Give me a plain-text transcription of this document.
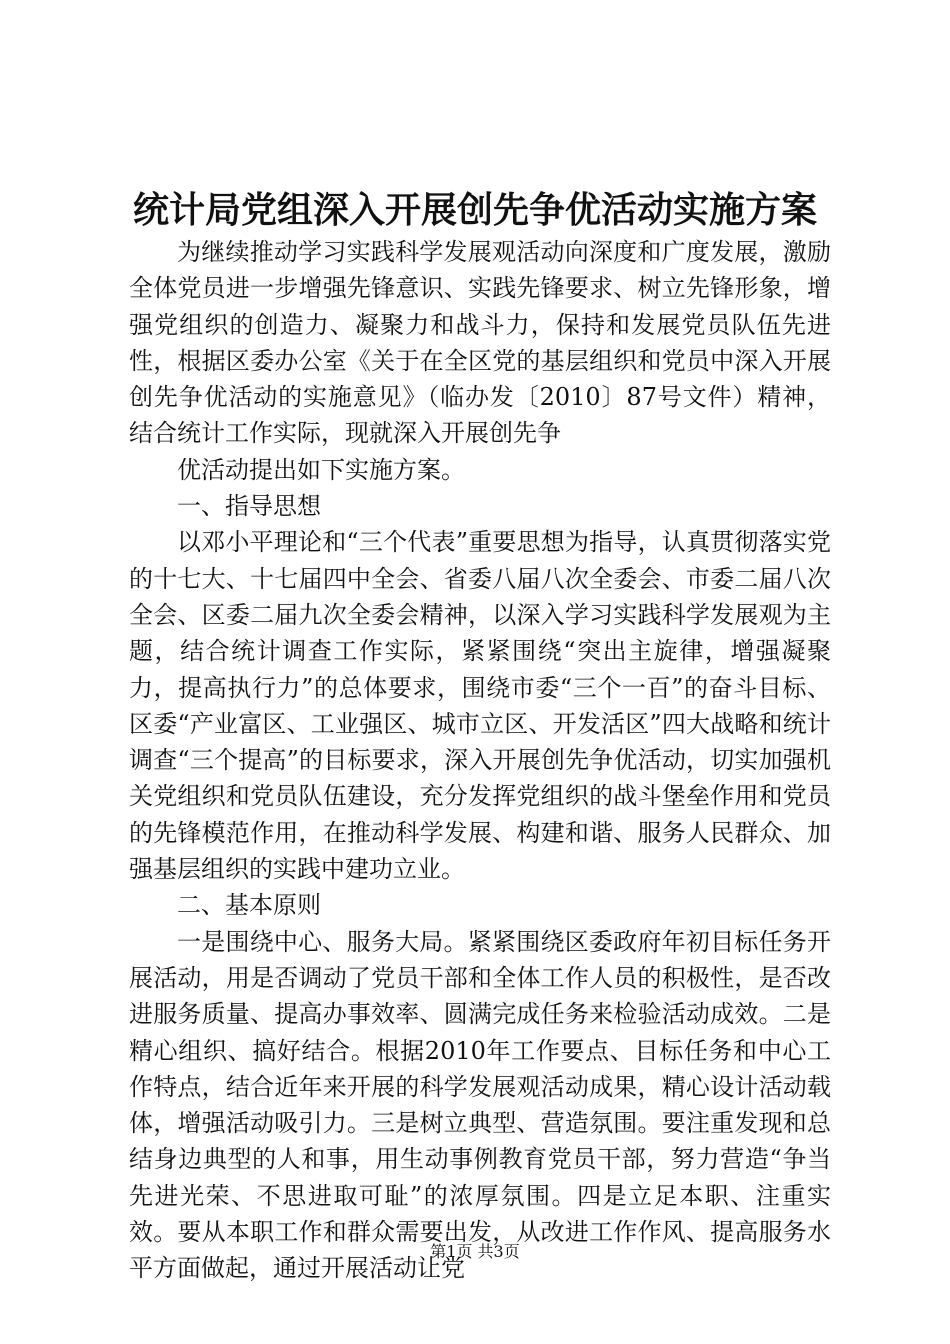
统计局党组深入开展创先争优活动实施方案

为继续推动学习实践科学发展观活动向深度和广度发展，激励全体党员进一步增强先锋意识、实践先锋要求、树立先锋形象，增强党组织的创造力、凝聚力和战斗力，保持和发展党员队伍先进性，根据区委办公室《关于在全区党的基层组织和党员中深入开展创先争优活动的实施意见》（临办发〔2010〕87号文件）精神，结合统计工作实际，现就深入开展创先争

优活动提出如下实施方案。

一、指导思想

以邓小平理论和“三个代表”重要思想为指导，认真贯彻落实党的十七大、十七届四中全会、省委八届八次全委会、市委二届八次全会、区委二届九次全委会精神，以深入学习实践科学发展观为主题，结合统计调查工作实际，紧紧围绕“突出主旋律，增强凝聚力，提高执行力”的总体要求，围绕市委“三个一百”的奋斗目标、区委“产业富区、工业强区、城市立区、开发活区”四大战略和统计调查“三个提高”的目标要求，深入开展创先争优活动，切实加强机关党组织和党员队伍建设，充分发挥党组织的战斗堡垒作用和党员的先锋模范作用，在推动科学发展、构建和谐、服务人民群众、加强基层组织的实践中建功立业。

二、基本原则

一是围绕中心、服务大局。紧紧围绕区委政府年初目标任务开展活动，用是否调动了党员干部和全体工作人员的积极性，是否改进服务质量、提高办事效率、圆满完成任务来检验活动成效。二是精心组织、搞好结合。根据2010年工作要点、目标任务和中心工作特点，结合近年来开展的科学发展观活动成果，精心设计活动载体，增强活动吸引力。三是树立典型、营造氛围。要注重发现和总结身边典型的人和事，用生动事例教育党员干部，努力营造“争当先进光荣、不思进取可耻”的浓厚氛围。四是立足本职、注重实效。要从本职工作和群众需要出发，从改进工作作风、提高服务水平方面做起，通过开展活动让党

第1页 共3页
